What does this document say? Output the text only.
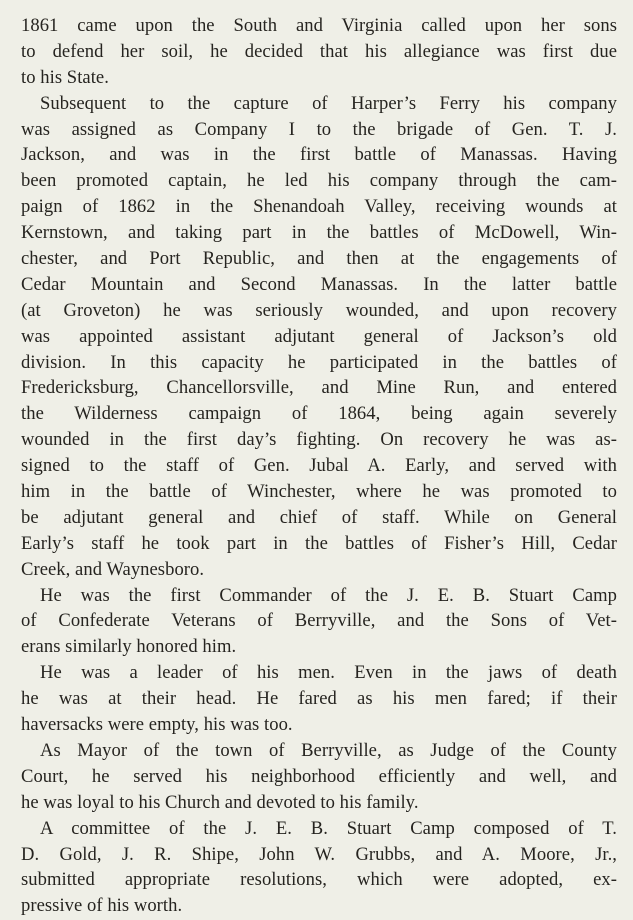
1861 came upon the South and Virginia called upon her sons
to defend her soil, he decided that his allegiance was first due
to his State.
Subsequent to the capture of Harper’s Ferry his company
was assigned as Company I to the brigade of Gen. T. J.
Jackson, and was in the first battle of Manassas. Having
been promoted captain, he led his company through the cam-
paign of 1862 in the Shenandoah Valley, receiving wounds at
Kernstown, and taking part in the battles of McDowell, Win-
chester, and Port Republic, and then at the engagements of
Cedar Mountain and Second Manassas. In the latter battle
(at Groveton) he was seriously wounded, and upon recovery
was appointed assistant adjutant general of Jackson’s old
division. In this capacity he participated in the battles of
Fredericksburg, Chancellorsville, and Mine Run, and entered
the Wilderness campaign of 1864, being again severely
wounded in the first day’s fighting. On recovery he was as-
signed to the staff of Gen. Jubal A. Early, and served with
him in the battle of Winchester, where he was promoted to
be adjutant general and chief of staff. While on General
Early’s staff he took part in the battles of Fisher’s Hill, Cedar
Creek, and Waynesboro.
He was the first Commander of the J. E. B. Stuart Camp
of Confederate Veterans of Berryville, and the Sons of Vet-
erans similarly honored him.
He was a leader of his men. Even in the jaws of death
he was at their head. He fared as his men fared; if their
haversacks were empty, his was too.
As Mayor of the town of Berryville, as Judge of the County
Court, he served his neighborhood efficiently and well, and
he was loyal to his Church and devoted to his family.
A committee of the J. E. B. Stuart Camp composed of T.
D. Gold, J. R. Shipe, John W. Grubbs, and A. Moore, Jr.,
submitted appropriate resolutions, which were adopted, ex-
pressive of his worth.
